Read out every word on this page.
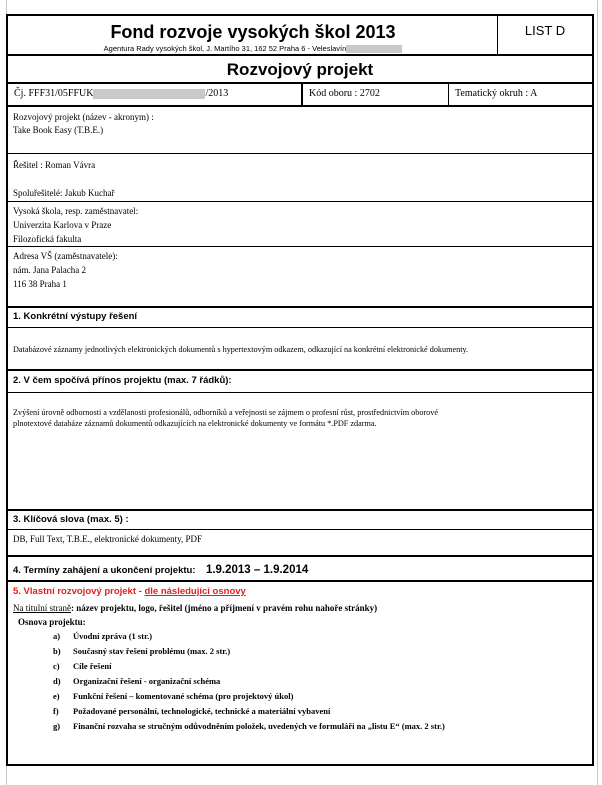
Fond rozvoje vysokých škol 2013
Agentura Rady vysokých škol, J. Martího 31, 162 52 Praha 6 - Veleslavín
LIST D
Rozvojový projekt
Čj. FFF31/05FFUK	/2013	Kód oboru : 2702	Tematický okruh : A
Rozvojový projekt (název - akronym) :
Take Book Easy (T.B.E.)
Řešitel : Roman Vávra
Spoluřešitelé: Jakub Kuchař
Vysoká škola, resp. zaměstnavatel:
Univerzita Karlova v Praze
Filozofická fakulta
Adresa VŠ (zaměstnavatele):
nám. Jana Palacha 2
116 38 Praha 1
1. Konkrétní výstupy řešení
Databázové záznamy jednotlivých elektronických dokumentů s hypertextovým odkazem, odkazující na konkrétní elektronické dokumenty.
2. V čem spočívá přínos projektu (max. 7 řádků):
Zvýšení úrovně odbornosti a vzdělanosti profesionálů, odborníků a veřejnosti se zájmem o profesní růst, prostřednictvím oborové
plnotextové databáze záznamů dokumentů odkazujících na elektronické dokumenty ve formátu *.PDF zdarma.
3. Klíčová slova (max. 5) :
DB, Full Text, T.B.E., elektronické dokumenty, PDF
4. Termíny zahájení a ukončení projektu: 1.9.2013 – 1.9.2014
5. Vlastní rozvojový projekt - dle následující osnovy
Na titulní straně: název projektu, logo, řešitel (jméno a příjmení v pravém rohu nahoře stránky)
Osnova projektu:
a) Úvodní zpráva (1 str.)
b) Současný stav řešení problému (max. 2 str.)
c) Cíle řešení
d) Organizační řešení - organizační schéma
e) Funkční řešení – komentované schéma (pro projektový úkol)
f) Požadované personální, technologické, technické a materiální vybavení
g) Finanční rozvaha se stručným odůvodněním položek, uvedených ve formuláři na „listu E“ (max. 2 str.)
